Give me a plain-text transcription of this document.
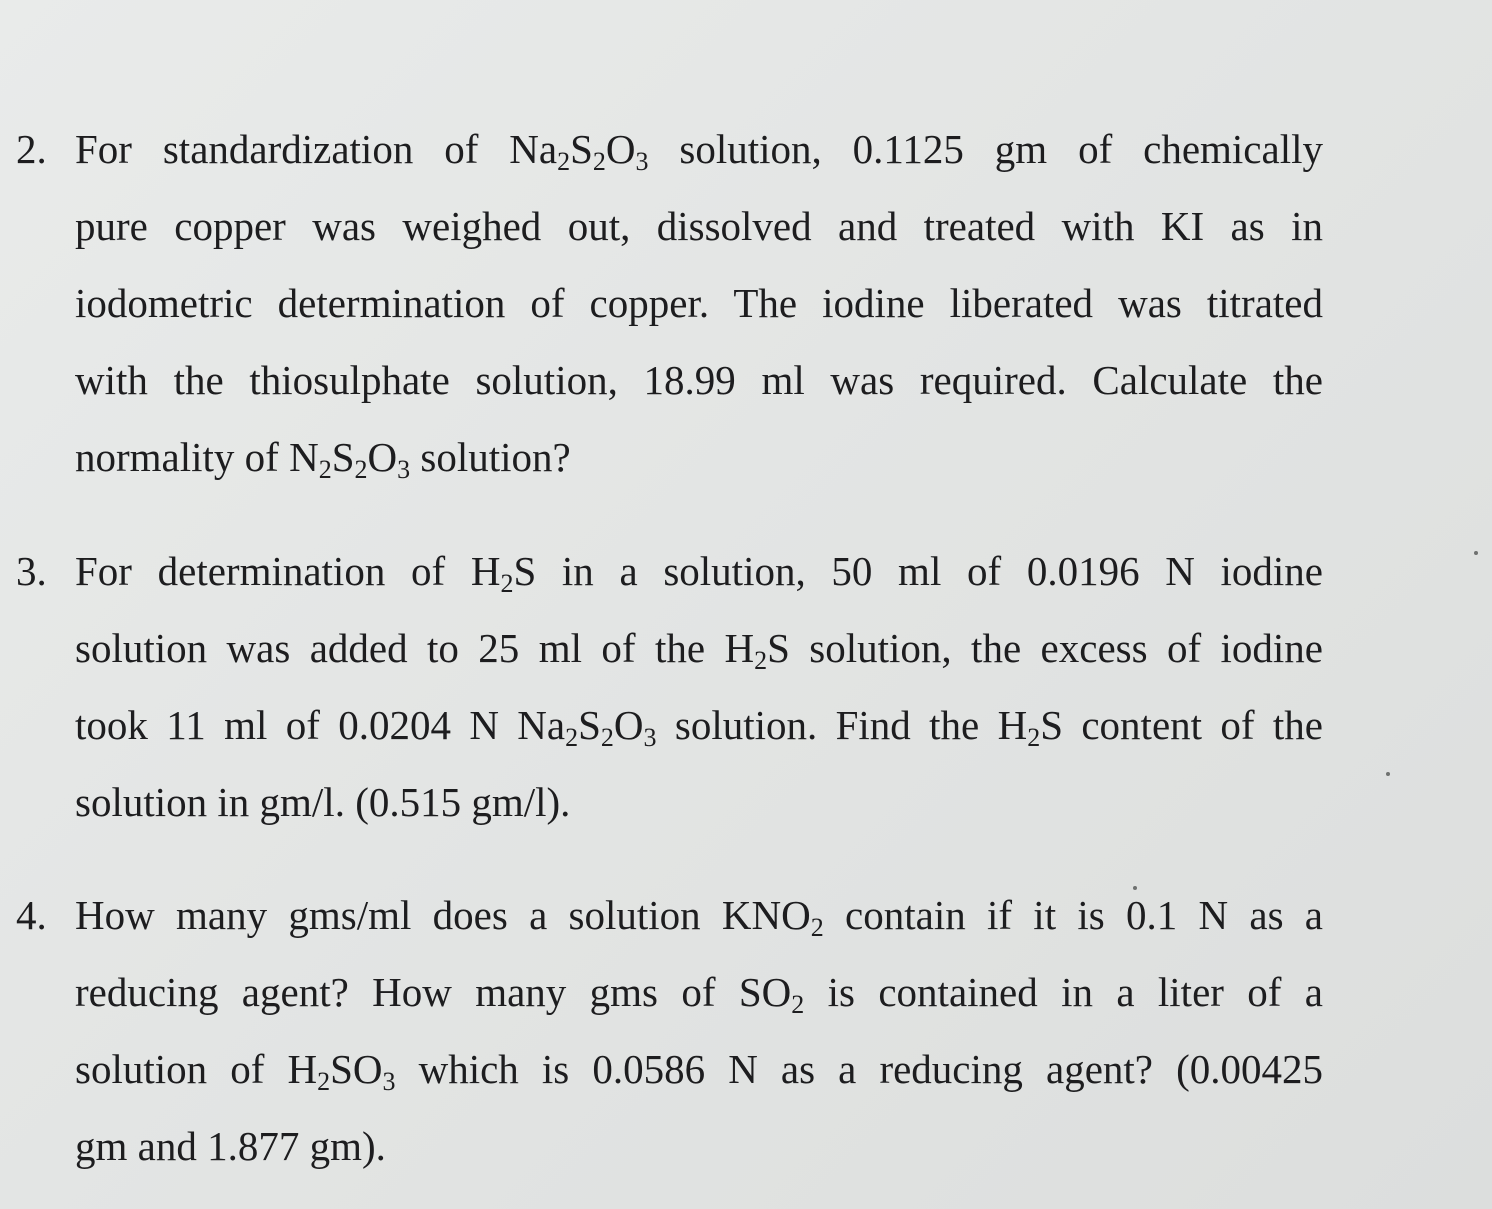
2. For standardization of $Na_2S_2O_3$ solution, 0.1125 gm of chemically
pure copper was weighed out, dissolved and treated with KI as in
iodometric determination of copper. The iodine liberated was titrated
with the thiosulphate solution, 18.99 ml was required. Calculate the
normality of $N_2S_2O_3$ solution?
3. For determination of $H_2S$ in a solution, 50 ml of 0.0196 N iodine
solution was added to 25 ml of the $H_2S$ solution, the excess of iodine
took 11 ml of 0.0204 N $Na_2S_2O_3$ solution. Find the $H_2S$ content of the
solution in gm/l. (0.515 gm/l).
4. How many gms/ml does a solution $KNO_2$ contain if it is 0.1 N as a
reducing agent? How many gms of $SO_2$ is contained in a liter of a
solution of $H_2SO_3$ which is 0.0586 N as a reducing agent? (0.00425
gm and 1.877 gm).
